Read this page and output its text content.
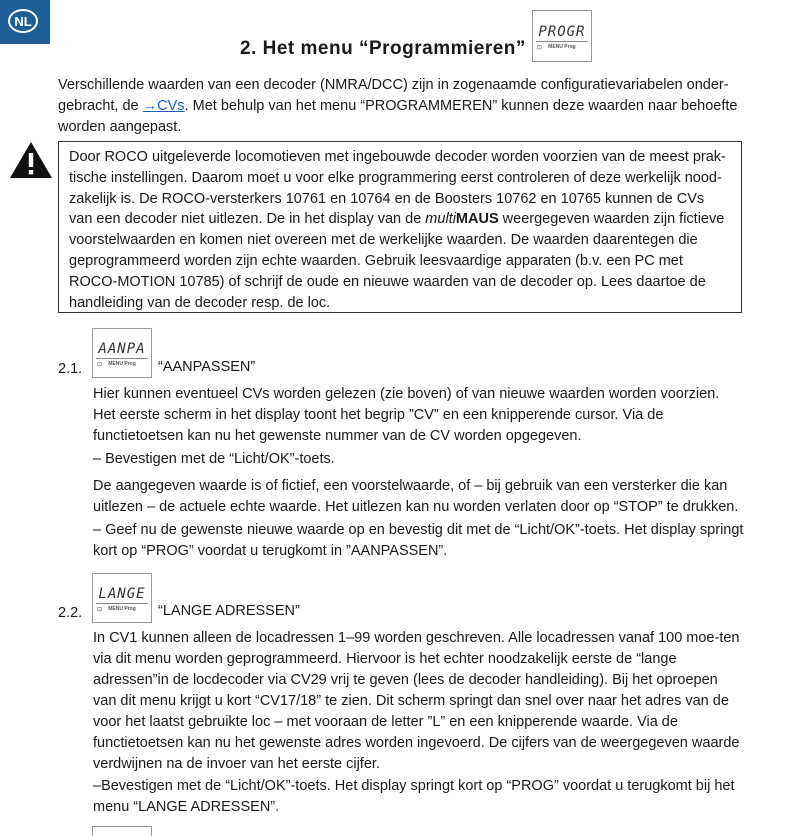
NL
2. Het menu “Programmieren”
PROGR
⊡ MENU Prog

Verschillende waarden van een decoder (NMRA/DCC) zijn in zogenaamde configuratievariabelen onder-gebracht, de →CVs. Met behulp van het menu “PROGRAMMEREN” kunnen deze waarden naar behoefte worden aangepast.

Door ROCO uitgeleverde locomotieven met ingebouwde decoder worden voorzien van de meest prak-tische instellingen. Daarom moet u voor elke programmering eerst controleren of deze werkelijk nood-zakelijk is. De ROCO-versterkers 10761 en 10764 en de Boosters 10762 en 10765 kunnen de CVs van een decoder niet uitlezen. De in het display van de multiMAUS weergegeven waarden zijn fictieve voorstelwaarden en komen niet overeen met de werkelijke waarden. De waarden daarentegen die geprogrammeerd worden zijn echte waarden. Gebruik leesvaardige apparaten (b.v. een PC met ROCO-MOTION 10785) of schrijf de oude en nieuwe waarden van de decoder op. Lees daartoe de handleiding van de decoder resp. de loc.

AANPA
⊡ MENU Prog
2.1.	“AANPASSEN”

Hier kunnen eventueel CVs worden gelezen (zie boven) of van nieuwe waarden worden voorzien. Het eerste scherm in het display toont het begrip ”CV” en een knipperende cursor. Via de functietoetsen kan nu het gewenste nummer van de CV worden opgegeven.

– Bevestigen met de “Licht/OK”-toets.

De aangegeven waarde is of fictief, een voorstelwaarde, of – bij gebruik van een versterker die kan uitlezen – de actuele echte waarde. Het uitlezen kan nu worden verlaten door op “STOP” te drukken.

– Geef nu de gewenste nieuwe waarde op en bevestig dit met de “Licht/OK”-toets. Het display springt kort op “PROG” voordat u terugkomt in ”AANPASSEN”.

LANGE
⊡ MENU Prog
2.2.	“LANGE ADRESSEN”

In CV1 kunnen alleen de locadressen 1–99 worden geschreven. Alle locadressen vanaf 100 moe-ten via dit menu worden geprogrammeerd. Hiervoor is het echter noodzakelijk eerste de “lange adressen”in de locdecoder via CV29 vrij te geven (lees de decoder handleiding). Bij het oproepen van dit menu krijgt u kort “CV17/18” te zien. Dit scherm springt dan snel over naar het adres van de voor het laatst gebruikte loc – met vooraan de letter ”L” en een knipperende waarde. Via de functietoetsen kan nu het gewenste adres worden ingevoerd. De cijfers van de weergegeven waarde verdwijnen na de invoer van het eerste cijfer.

–Bevestigen met de “Licht/OK”-toets. Het display springt kort op “PROG” voordat u terugkomt bij het menu “LANGE ADRESSEN”.
